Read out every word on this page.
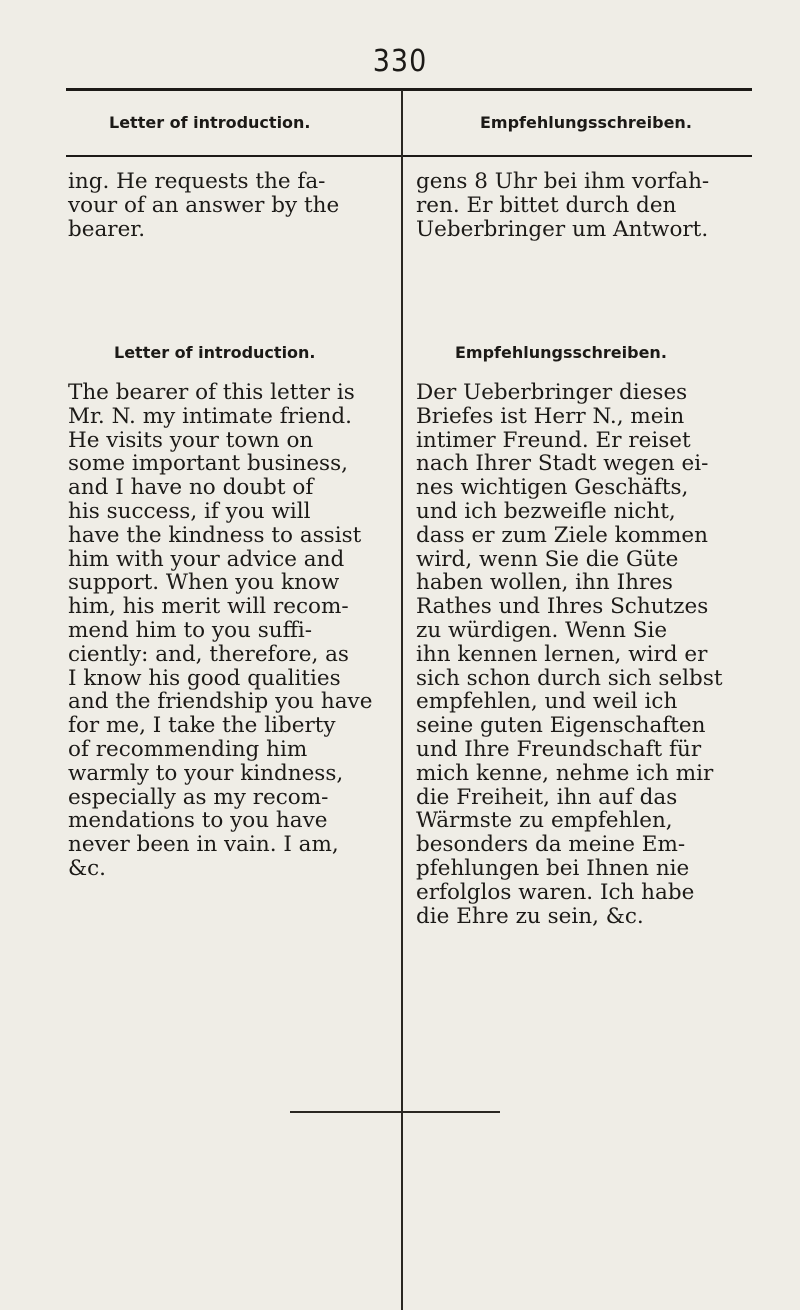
330
Letter of introduction.	Empfehlungsschreiben.
ing. He requests the fa-
vour of an answer by the
bearer.
gens 8 Uhr bei ihm vorfah-
ren. Er bittet durch den
Ueberbringer um Antwort.
Letter of introduction.	Empfehlungsschreiben.
The bearer of this letter is
Mr. N. my intimate friend.
He visits your town on
some important business,
and I have no doubt of
his success, if you will
have the kindness to assist
him with your advice and
support. When you know
him, his merit will recom-
mend him to you suffi-
ciently: and, therefore, as
I know his good qualities
and the friendship you have
for me, I take the liberty
of recommending him
warmly to your kindness,
especially as my recom-
mendations to you have
never been in vain. I am,
&c.
Der Ueberbringer dieses
Briefes ist Herr N., mein
intimer Freund. Er reiset
nach Ihrer Stadt wegen ei-
nes wichtigen Geschäfts,
und ich bezweifle nicht,
dass er zum Ziele kommen
wird, wenn Sie die Güte
haben wollen, ihn Ihres
Rathes und Ihres Schutzes
zu würdigen. Wenn Sie
ihn kennen lernen, wird er
sich schon durch sich selbst
empfehlen, und weil ich
seine guten Eigenschaften
und Ihre Freundschaft für
mich kenne, nehme ich mir
die Freiheit, ihn auf das
Wärmste zu empfehlen,
besonders da meine Em-
pfehlungen bei Ihnen nie
erfolglos waren. Ich habe
die Ehre zu sein, &c.
